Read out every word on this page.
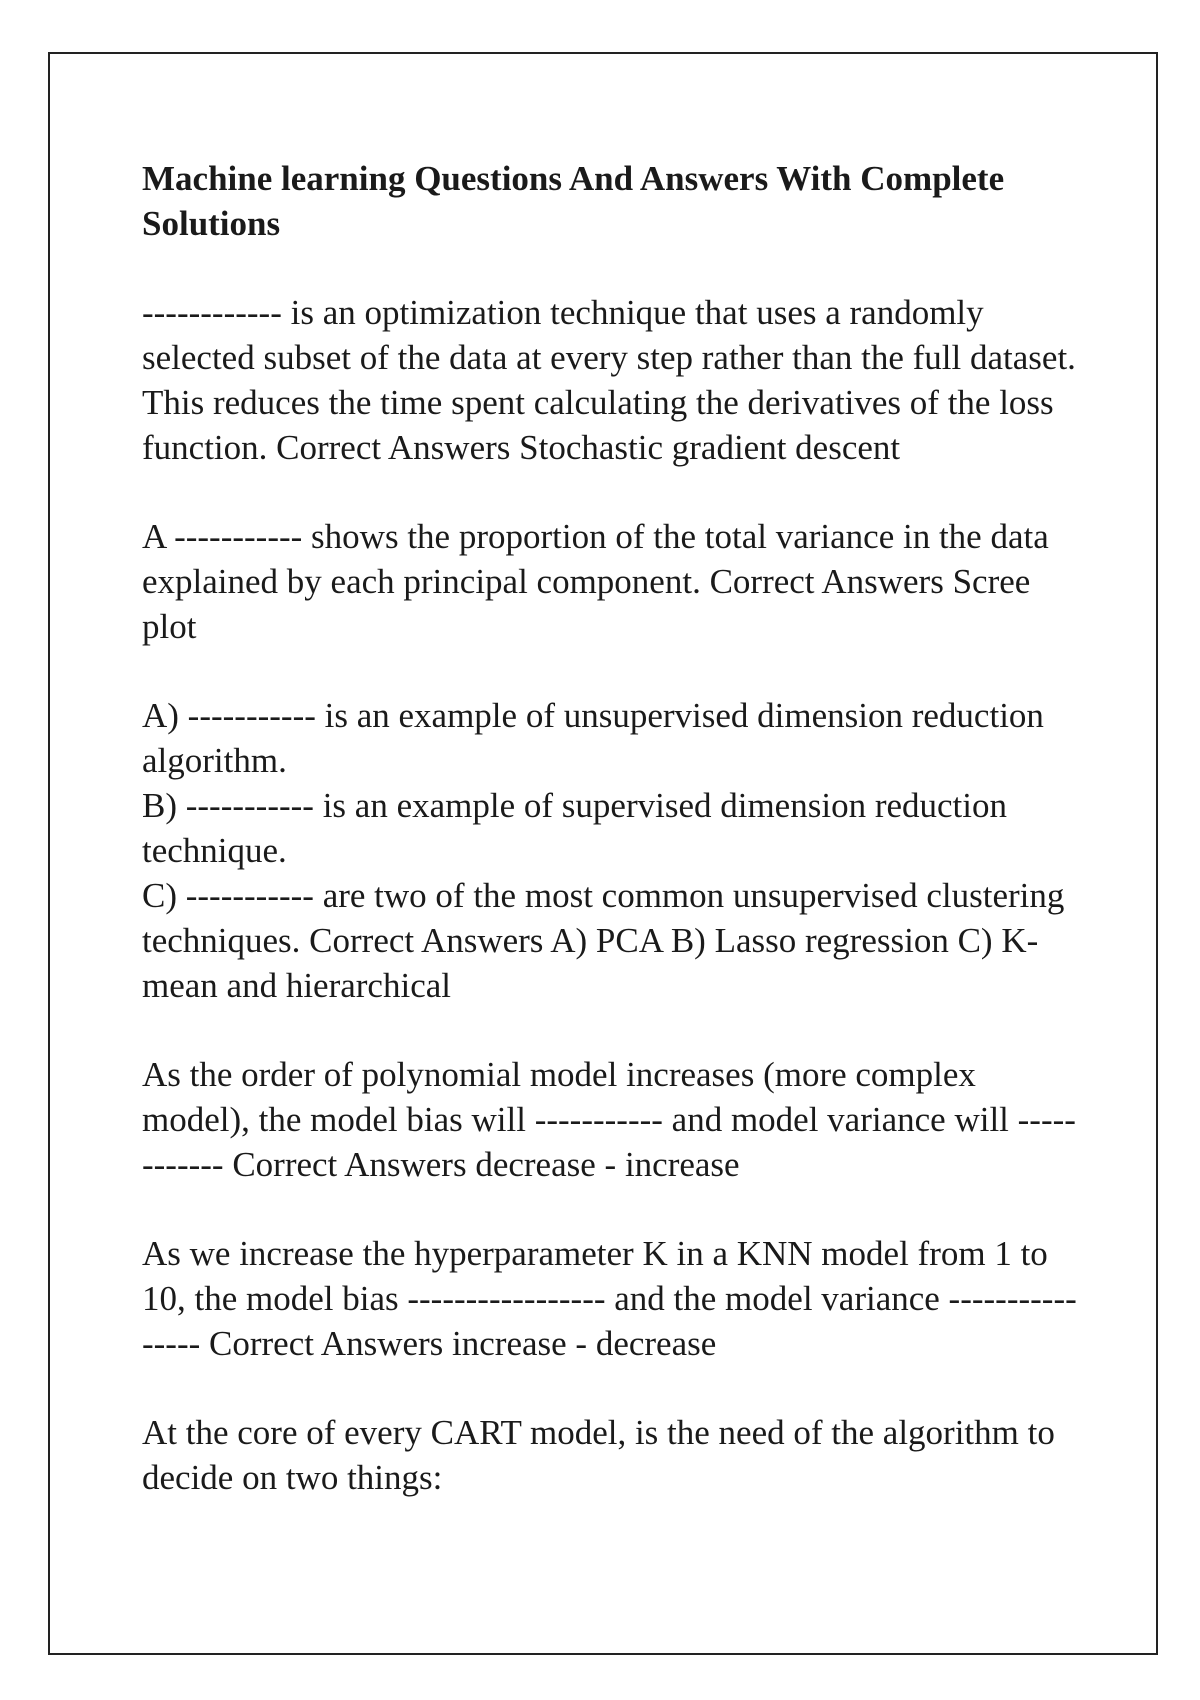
Machine learning Questions And Answers With Complete Solutions

------------ is an optimization technique that uses a randomly selected subset of the data at every step rather than the full dataset. This reduces the time spent calculating the derivatives of the loss function. Correct Answers Stochastic gradient descent

A ----------- shows the proportion of the total variance in the data explained by each principal component. Correct Answers Scree plot

A) ----------- is an example of unsupervised dimension reduction algorithm.
B) ----------- is an example of supervised dimension reduction technique.
C) ----------- are two of the most common unsupervised clustering techniques. Correct Answers A) PCA B) Lasso regression C) K-mean and hierarchical

As the order of polynomial model increases (more complex model), the model bias will ----------- and model variance will ------------ Correct Answers decrease - increase

As we increase the hyperparameter K in a KNN model from 1 to 10, the model bias ----------------- and the model variance ---------------- Correct Answers increase - decrease

At the core of every CART model, is the need of the algorithm to decide on two things:
